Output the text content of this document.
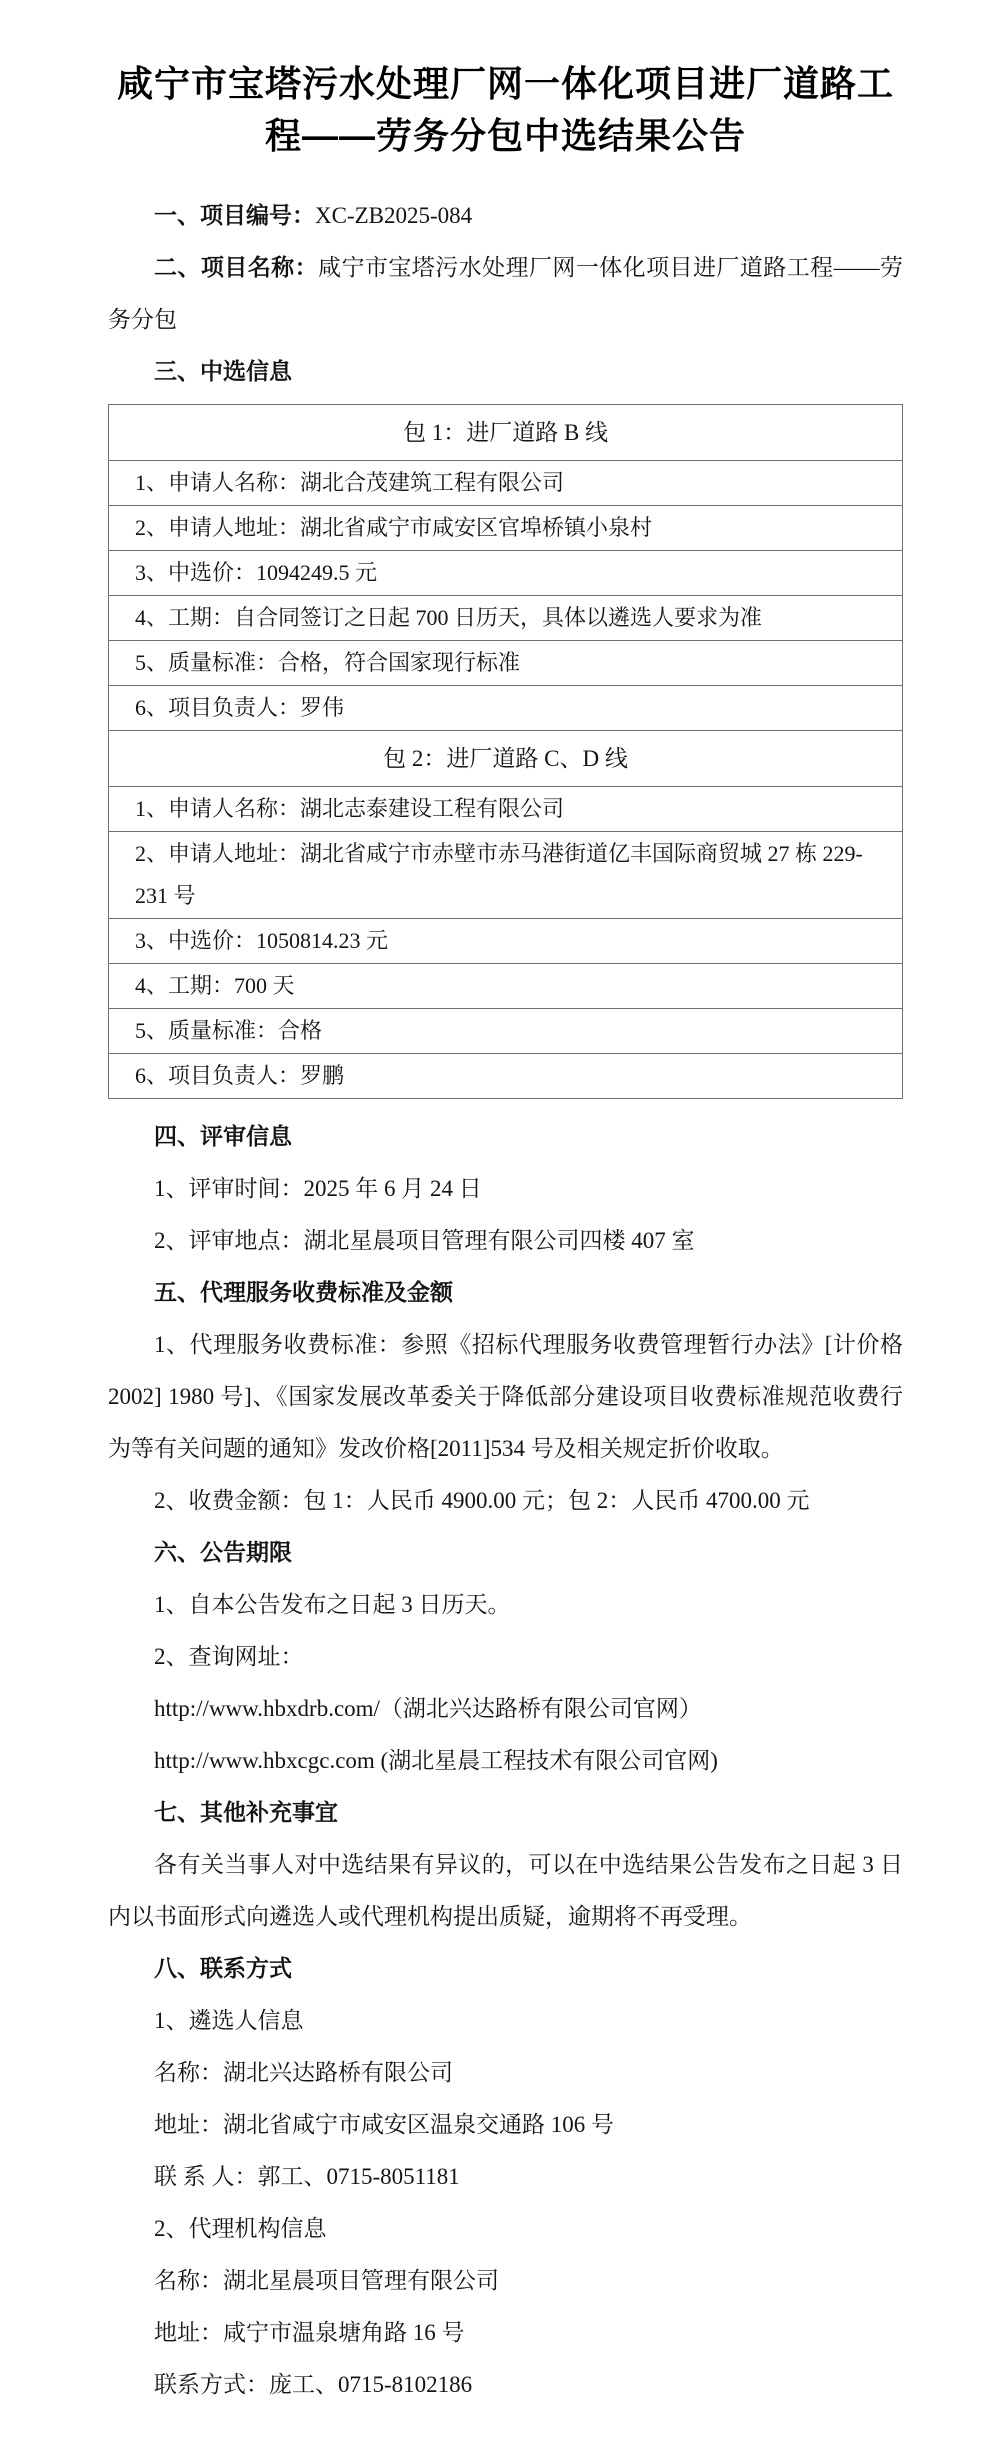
咸宁市宝塔污水处理厂网一体化项目进厂道路工程——劳务分包中选结果公告

一、项目编号：XC-ZB2025-084

二、项目名称：咸宁市宝塔污水处理厂网一体化项目进厂道路工程——劳务分包

三、中选信息

包 1：进厂道路 B 线
1、申请人名称：湖北合茂建筑工程有限公司
2、申请人地址：湖北省咸宁市咸安区官埠桥镇小泉村
3、中选价：1094249.5 元
4、工期：自合同签订之日起 700 日历天，具体以遴选人要求为准
5、质量标准：合格，符合国家现行标准
6、项目负责人：罗伟
包 2：进厂道路 C、D 线
1、申请人名称：湖北志泰建设工程有限公司
2、申请人地址：湖北省咸宁市赤壁市赤马港街道亿丰国际商贸城 27 栋 229-231 号
3、中选价：1050814.23 元
4、工期：700 天
5、质量标准：合格
6、项目负责人：罗鹏

四、评审信息

1、评审时间：2025 年 6 月 24 日

2、评审地点：湖北星晨项目管理有限公司四楼 407 室

五、代理服务收费标准及金额

1、代理服务收费标准：参照《招标代理服务收费管理暂行办法》[计价格 2002] 1980 号]、《国家发展改革委关于降低部分建设项目收费标准规范收费行为等有关问题的通知》发改价格[2011]534 号及相关规定折价收取。

2、收费金额：包 1：人民币 4900.00 元；包 2：人民币 4700.00 元

六、公告期限

1、自本公告发布之日起 3 日历天。

2、查询网址：

http://www.hbxdrb.com/（湖北兴达路桥有限公司官网）

http://www.hbxcgc.com (湖北星晨工程技术有限公司官网)

七、其他补充事宜

各有关当事人对中选结果有异议的，可以在中选结果公告发布之日起 3 日内以书面形式向遴选人或代理机构提出质疑，逾期将不再受理。

八、联系方式

1、遴选人信息

名称：湖北兴达路桥有限公司

地址：湖北省咸宁市咸安区温泉交通路 106 号

联 系 人：郭工、0715-8051181

2、代理机构信息

名称：湖北星晨项目管理有限公司

地址：咸宁市温泉塘角路 16 号

联系方式：庞工、0715-8102186
